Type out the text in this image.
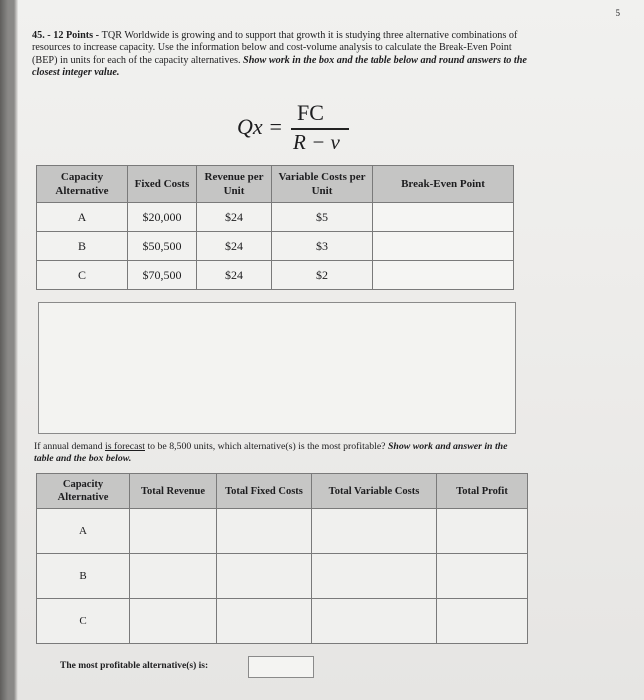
5
45. - 12 Points - TQR Worldwide is growing and to support that growth it is studying three alternative combinations of resources to increase capacity. Use the information below and cost-volume analysis to calculate the Break-Even Point (BEP) in units for each of the capacity alternatives. Show work in the box and the table below and round answers to the closest integer value.
Qx =
FC
R − v
Capacity Alternative	Fixed Costs	Revenue per Unit	Variable Costs per Unit	Break-Even Point
A	$20,000	$24	$5	
B	$50,500	$24	$3	
C	$70,500	$24	$2	
If annual demand is forecast to be 8,500 units, which alternative(s) is the most profitable? Show work and answer in the table and the box below.
Capacity Alternative	Total Revenue	Total Fixed Costs	Total Variable Costs	Total Profit
A				
B				
C				
The most profitable alternative(s) is:
